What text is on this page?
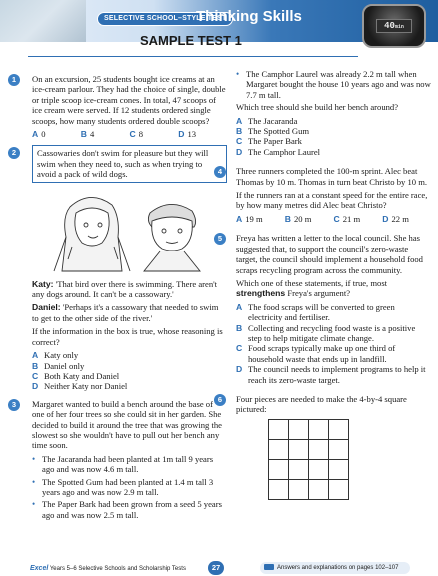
SELECTIVE SCHOOL–STYLE TEST
Thinking Skills
40min
SAMPLE TEST 1
1	On an excursion, 25 students bought ice creams at an ice-cream parlour. They had the choice of single, double or triple scoop ice-cream cones. In total, 47 scoops of ice cream were served. If 12 students ordered single scoops, how many students ordered double scoops?
A 0	B 4	C 8	D 13
2	Cassowaries don't swim for pleasure but they will swim when they need to, such as when trying to avoid a pack of wild dogs.
Katy: 'That bird over there is swimming. There aren't any dogs around. It can't be a cassowary.'
Daniel: 'Perhaps it's a cassowary that needed to swim to get to the other side of the river.'
If the information in the box is true, whose reasoning is correct?
A Katy only
B Daniel only
C Both Katy and Daniel
D Neither Katy nor Daniel
3	Margaret wanted to build a bench around the base of one of her four trees so she could sit in her garden. She decided to build it around the tree that was growing the slowest so she wouldn't have to pull out her bench any time soon.
• The Jacaranda had been planted at 1m tall 9 years ago and was now 4.6 m tall.
• The Spotted Gum had been planted at 1.4 m tall 3 years ago and was now 2.9 m tall.
• The Paper Bark had been grown from a seed 5 years ago and was now 2.5 m tall.
• The Camphor Laurel was already 2.2 m tall when Margaret bought the house 10 years ago and was now 7.7 m tall.
Which tree should she build her bench around?
A The Jacaranda
B The Spotted Gum
C The Paper Bark
D The Camphor Laurel
4	Three runners completed the 100-m sprint. Alec beat Thomas by 10 m. Thomas in turn beat Christo by 10 m.
If the runners ran at a constant speed for the entire race, by how many metres did Alec beat Christo?
A 19 m	B 20 m	C 21 m	D 22 m
5	Freya has written a letter to the local council. She has suggested that, to support the council's zero-waste target, the council should implement a household food scraps recycling program across the community.
Which one of these statements, if true, most strengthens Freya's argument?
A The food scraps will be converted to green electricity and fertiliser.
B Collecting and recycling food waste is a positive step to help mitigate climate change.
C Food scraps typically make up one third of household waste that ends up in landfill.
D The council needs to implement programs to help it reach its zero-waste target.
6	Four pieces are needed to make the 4-by-4 square pictured:
Excel Years 5–6 Selective Schools and Scholarship Tests	27	Answers and explanations on pages 102–107
